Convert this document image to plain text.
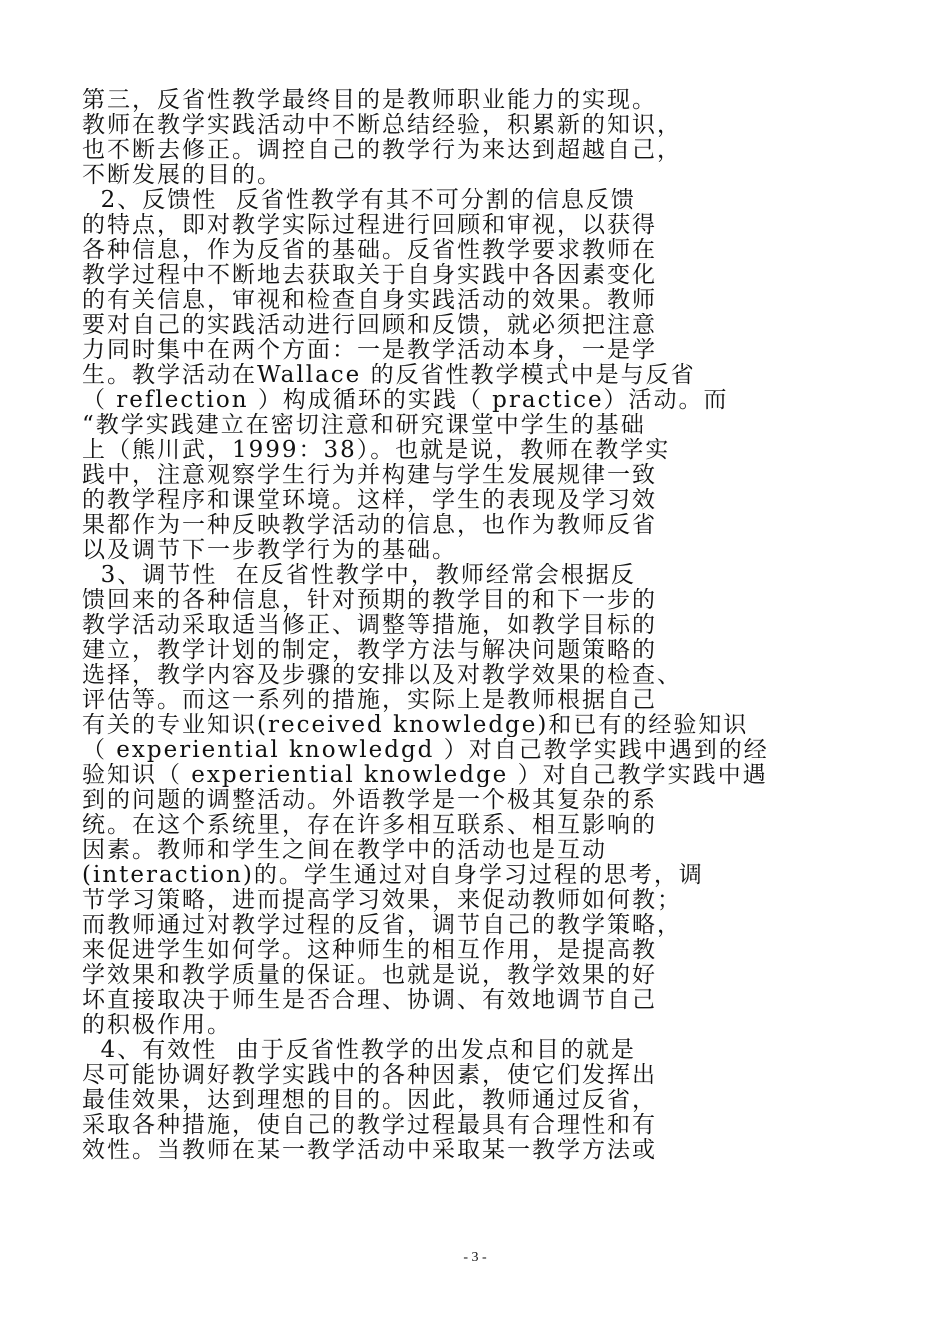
第三，反省性教学最终目的是教师职业能力的实现。
教师在教学实践活动中不断总结经验，积累新的知识，
也不断去修正。调控自己的教学行为来达到超越自己，
不断发展的目的。
2、反馈性  反省性教学有其不可分割的信息反馈
的特点，即对教学实际过程进行回顾和审视，以获得
各种信息，作为反省的基础。反省性教学要求教师在
教学过程中不断地去获取关于自身实践中各因素变化
的有关信息，审视和检查自身实践活动的效果。教师
要对自己的实践活动进行回顾和反馈，就必须把注意
力同时集中在两个方面：一是教学活动本身，一是学
生。教学活动在Wallace 的反省性教学模式中是与反省
（ reflection ）构成循环的实践（ practice）活动。而
“教学实践建立在密切注意和研究课堂中学生的基础
上（熊川武，1999：38）。也就是说，教师在教学实
践中，注意观察学生行为并构建与学生发展规律一致
的教学程序和课堂环境。这样，学生的表现及学习效
果都作为一种反映教学活动的信息，也作为教师反省
以及调节下一步教学行为的基础。
3、调节性  在反省性教学中，教师经常会根据反
馈回来的各种信息，针对预期的教学目的和下一步的
教学活动采取适当修正、调整等措施，如教学目标的
建立，教学计划的制定，教学方法与解决问题策略的
选择，教学内容及步骤的安排以及对教学效果的检查、
评估等。而这一系列的措施，实际上是教师根据自己
有关的专业知识(received knowledge)和已有的经验知识
（ experiential knowledgd ）对自己教学实践中遇到的经
验知识（ experiential knowledge ）对自己教学实践中遇
到的问题的调整活动。外语教学是一个极其复杂的系
统。在这个系统里，存在许多相互联系、相互影响的
因素。教师和学生之间在教学中的活动也是互动
(interaction)的。学生通过对自身学习过程的思考，调
节学习策略，进而提高学习效果，来促动教师如何教；
而教师通过对教学过程的反省，调节自己的教学策略，
来促进学生如何学。这种师生的相互作用，是提高教
学效果和教学质量的保证。也就是说，教学效果的好
坏直接取决于师生是否合理、协调、有效地调节自己
的积极作用。
4、有效性  由于反省性教学的出发点和目的就是
尽可能协调好教学实践中的各种因素，使它们发挥出
最佳效果，达到理想的目的。因此，教师通过反省，
采取各种措施，使自己的教学过程最具有合理性和有
效性。当教师在某一教学活动中采取某一教学方法或
- 3 -
